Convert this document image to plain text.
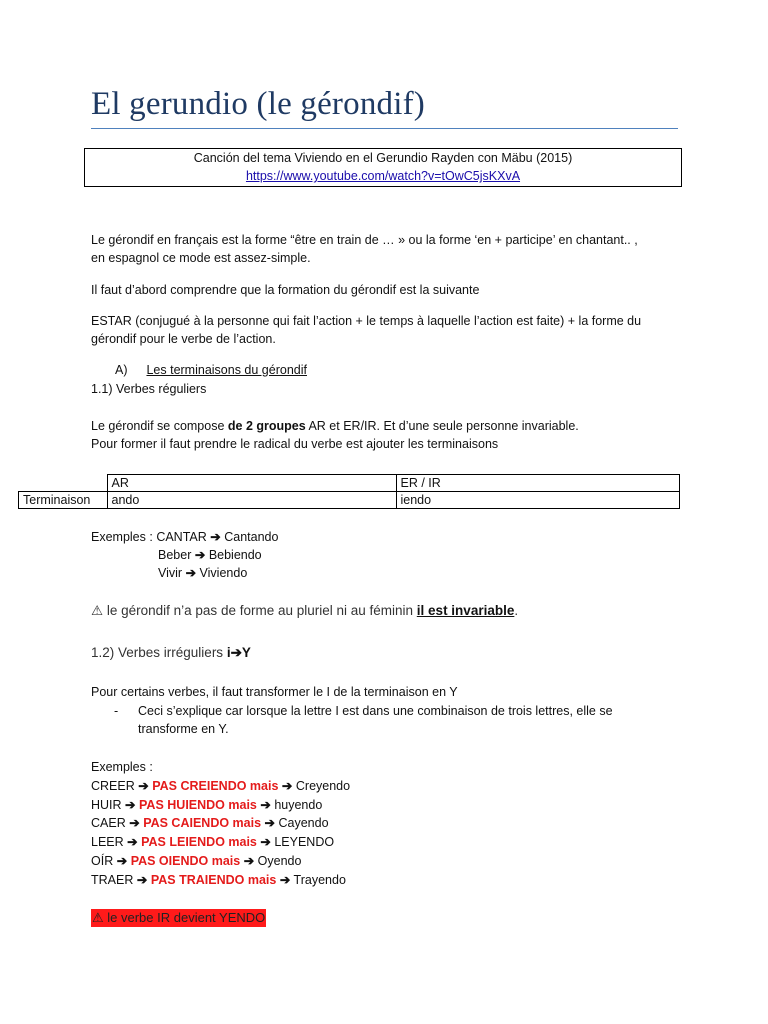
El gerundio (le gérondif)
Canción del tema Viviendo en el Gerundio Rayden con Mäbu (2015)
https://www.youtube.com/watch?v=tOwC5jsKXvA
Le gérondif en français est la forme “être en train de … » ou la forme ‘en + participe’ en chantant.. ,
en espagnol ce mode est assez-simple.
Il faut d’abord comprendre que la formation du gérondif est la suivante
ESTAR (conjugué à la personne qui fait l’action + le temps à laquelle l’action est faite) + la forme du
gérondif pour le verbe de l’action.
A) Les terminaisons du gérondif
1.1) Verbes réguliers
Le gérondif se compose de 2 groupes AR et ER/IR. Et d’une seule personne invariable.
Pour former il faut prendre le radical du verbe est ajouter les terminaisons
	AR	ER / IR
Terminaison	ando	iendo
Exemples : CANTAR ➔ Cantando
Beber ➔ Bebiendo
Vivir ➔ Viviendo
⚠ le gérondif n’a pas de forme au pluriel ni au féminin il est invariable.
1.2) Verbes irréguliers i➔Y
Pour certains verbes, il faut transformer le I de la terminaison en Y
- Ceci s’explique car lorsque la lettre I est dans une combinaison de trois lettres, elle se
transforme en Y.
Exemples :
CREER ➔ PAS CREIENDO mais ➔ Creyendo
HUIR ➔ PAS HUIENDO mais ➔ huyendo
CAER ➔ PAS CAIENDO mais ➔ Cayendo
LEER ➔ PAS LEIENDO mais ➔ LEYENDO
OÍR ➔ PAS OIENDO mais ➔ Oyendo
TRAER ➔ PAS TRAIENDO mais ➔ Trayendo
⚠ le verbe IR devient YENDO
